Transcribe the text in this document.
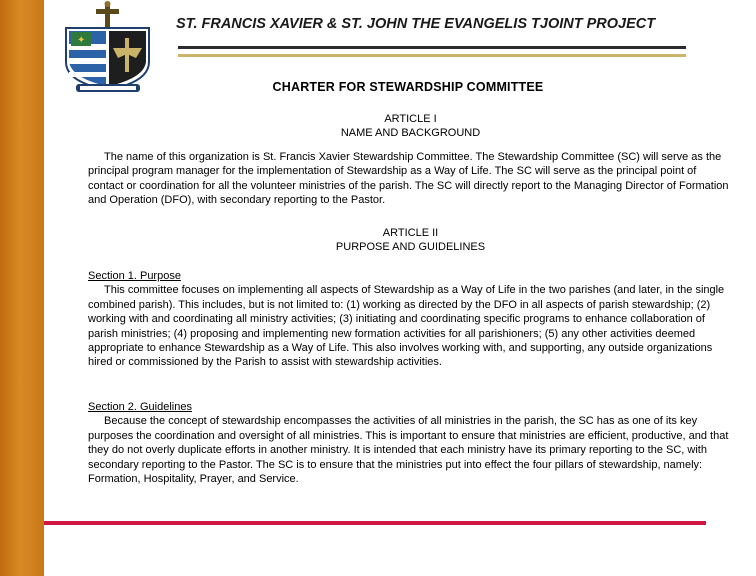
✦
ST. FRANCIS XAVIER & ST. JOHN THE EVANGELIS TJOINT PROJECT
CHARTER FOR STEWARDSHIP COMMITTEE
ARTICLE I
NAME AND BACKGROUND
The name of this organization is St. Francis Xavier Stewardship Committee. The Stewardship Committee (SC) will serve as the principal program manager for the implementation of Stewardship as a Way of Life. The SC will serve as the principal point of contact or coordination for all the volunteer ministries of the parish. The SC will directly report to the Managing Director of Formation and Operation (DFO), with secondary reporting to the Pastor.
ARTICLE II
PURPOSE AND GUIDELINES
Section 1. Purpose
This committee focuses on implementing all aspects of Stewardship as a Way of Life in the two parishes (and later, in the single combined parish). This includes, but is not limited to: (1) working as directed by the DFO in all aspects of parish stewardship; (2) working with and coordinating all ministry activities; (3) initiating and coordinating specific programs to enhance collaboration of parish ministries; (4) proposing and implementing new formation activities for all parishioners; (5) any other activities deemed appropriate to enhance Stewardship as a Way of Life. This also involves working with, and supporting, any outside organizations hired or commissioned by the Parish to assist with stewardship activities.
Section 2. Guidelines
Because the concept of stewardship encompasses the activities of all ministries in the parish, the SC has as one of its key purposes the coordination and oversight of all ministries. This is important to ensure that ministries are efficient, productive, and that they do not overly duplicate efforts in another ministry. It is intended that each ministry have its primary reporting to the SC, with secondary reporting to the Pastor. The SC is to ensure that the ministries put into effect the four pillars of stewardship, namely: Formation, Hospitality, Prayer, and Service.
